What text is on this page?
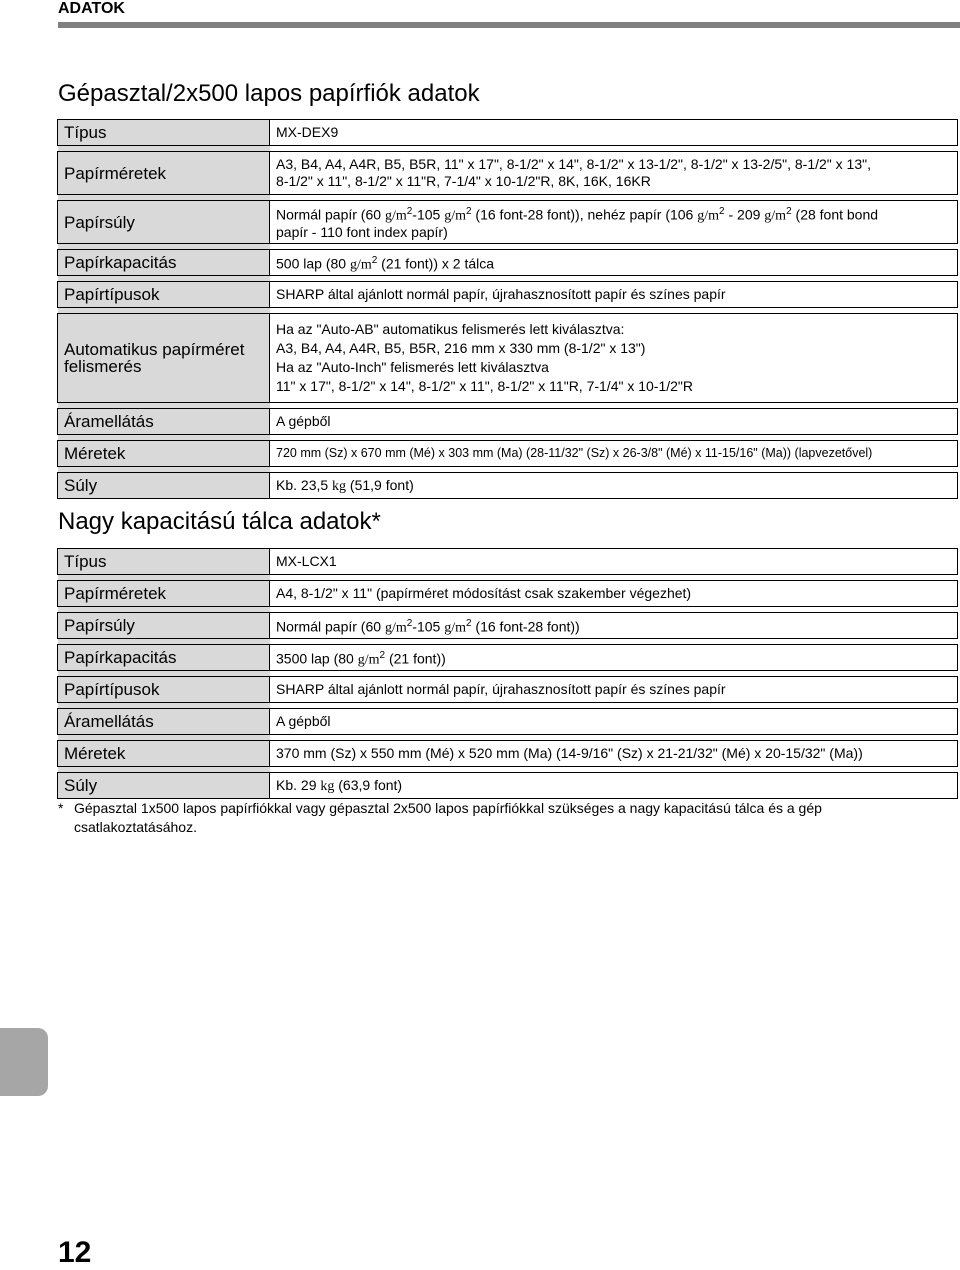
ADATOK
Gépasztal/2x500 lapos papírfiók adatok
Típus	MX-DEX9

Papírméretek	A3, B4, A4, A4R, B5, B5R, 11" x 17", 8-1/2" x 14", 8-1/2" x 13-1/2", 8-1/2" x 13-2/5", 8-1/2" x 13",
8-1/2" x 11", 8-1/2" x 11"R, 7-1/4" x 10-1/2"R, 8K, 16K, 16KR

Papírsúly	Normál papír (60 $g/m^2-105$ $g/m^2$ (16 font-28 font)), nehéz papír (106 $g/m^2 - 209$ $g/m^2$ (28 font bond
papír - 110 font index papír)

Papírkapacitás	500 lap (80 $g/m^2$ (21 font)) x 2 tálca

Papírtípusok	SHARP által ajánlott normál papír, újrahasznosított papír és színes papír

Automatikus papírméret felismerés	Ha az "Auto-AB" automatikus felismerés lett kiválasztva:
A3, B4, A4, A4R, B5, B5R, 216 mm x 330 mm (8-1/2" x 13")
Ha az "Auto-Inch" felismerés lett kiválasztva
11" x 17", 8-1/2" x 14", 8-1/2" x 11", 8-1/2" x 11"R, 7-1/4" x 10-1/2"R

Áramellátás	A gépből

Méretek	720 mm (Sz) x 670 mm (Mé) x 303 mm (Ma) (28-11/32" (Sz) x 26-3/8" (Mé) x 11-15/16" (Ma)) (lapvezetővel)

Súly	Kb. 23,5 kg (51,9 font)
Nagy kapacitású tálca adatok*
Típus	MX-LCX1

Papírméretek	A4, 8-1/2" x 11" (papírméret módosítást csak szakember végezhet)

Papírsúly	Normál papír (60 $g/m^2-105$ $g/m^2$ (16 font-28 font))

Papírkapacitás	3500 lap (80 $g/m^2$ (21 font))

Papírtípusok	SHARP által ajánlott normál papír, újrahasznosított papír és színes papír

Áramellátás	A gépből

Méretek	370 mm (Sz) x 550 mm (Mé) x 520 mm (Ma) (14-9/16" (Sz) x 21-21/32" (Mé) x 20-15/32" (Ma))

Súly	Kb. 29 kg (63,9 font)
* Gépasztal 1x500 lapos papírfiókkal vagy gépasztal 2x500 lapos papírfiókkal szükséges a nagy kapacitású tálca és a gép csatlakoztatásához.
12
